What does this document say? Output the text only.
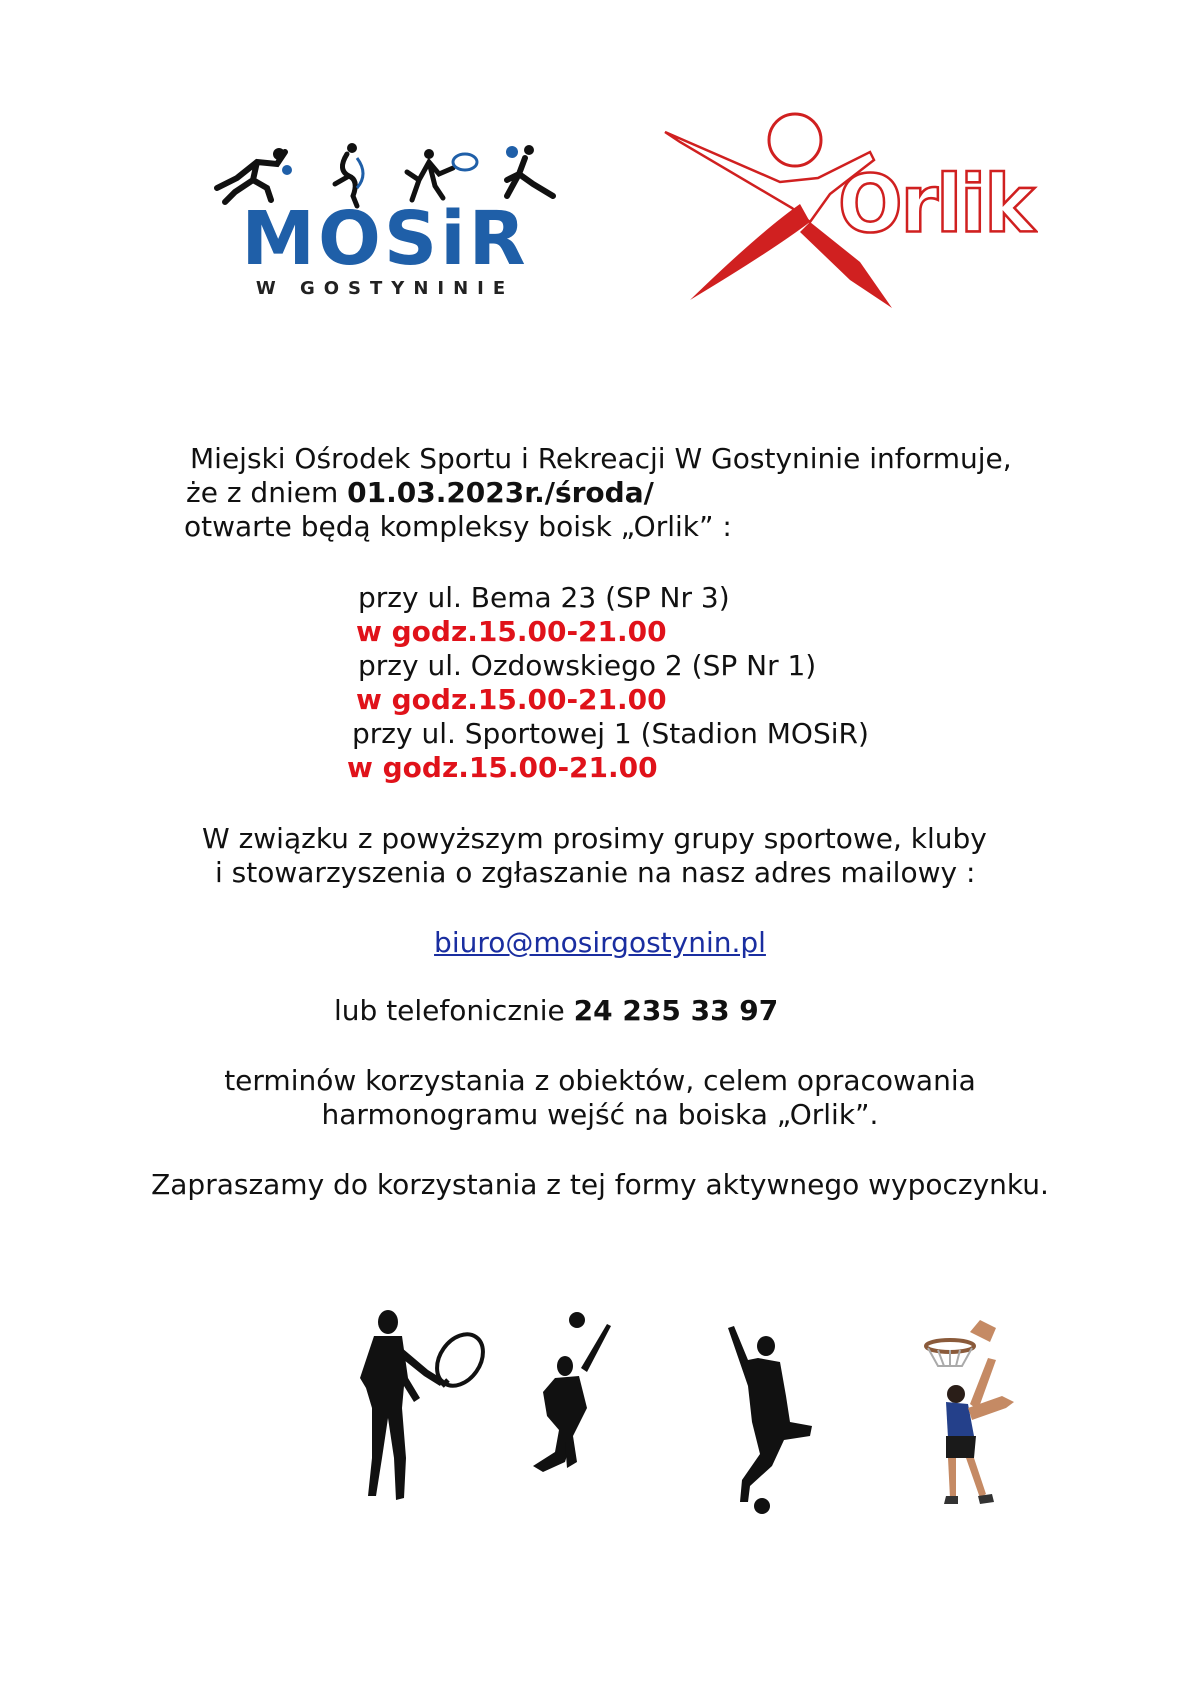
MOSiR
W GOSTYNINIE
Orlik
Miejski Ośrodek Sportu i Rekreacji W Gostyninie informuje,
że z dniem 01.03.2023r./środa/
otwarte będą kompleksy boisk „Orlik” :
przy ul. Bema 23 (SP Nr 3)
w godz.15.00-21.00
przy ul. Ozdowskiego 2 (SP Nr 1)
w godz.15.00-21.00
przy ul. Sportowej 1 (Stadion MOSiR)
w godz.15.00-21.00
W związku z powyższym prosimy grupy sportowe, kluby
i stowarzyszenia o zgłaszanie na nasz adres mailowy :
biuro@mosirgostynin.pl
lub telefonicznie 24 235 33 97
terminów korzystania z obiektów, celem opracowania
harmonogramu wejść na boiska „Orlik”.
Zapraszamy do korzystania z tej formy aktywnego wypoczynku.
